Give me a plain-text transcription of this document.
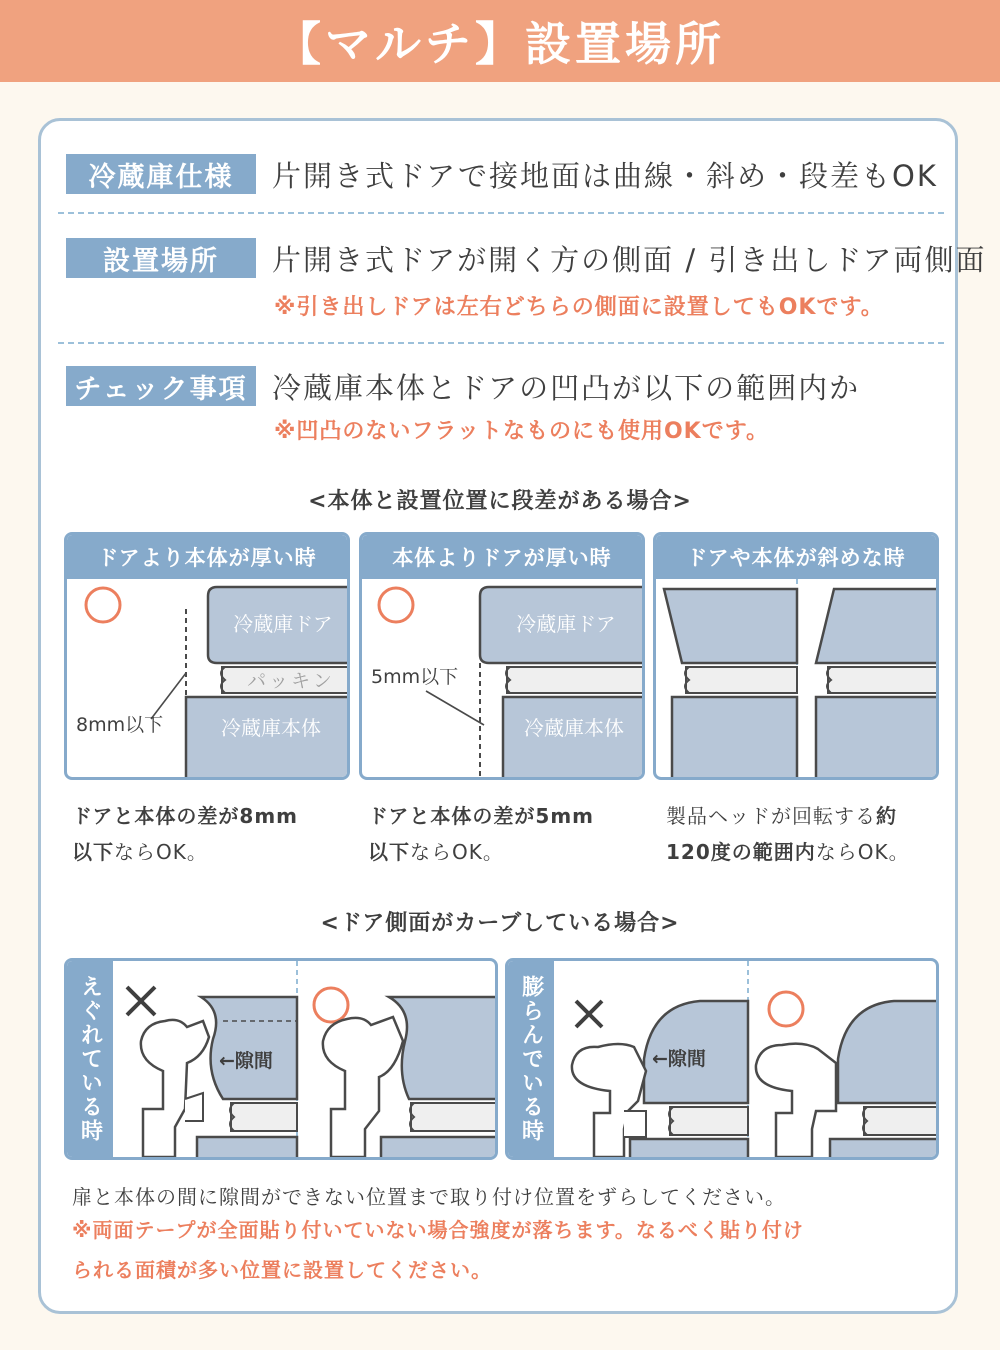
【マルチ】設置場所
冷蔵庫仕様	片開き式ドアで接地面は曲線・斜め・段差もOK
設置場所	片開き式ドアが開く方の側面 / 引き出しドア両側面
※引き出しドアは左右どちらの側面に設置してもOKです。
チェック事項 冷蔵庫本体とドアの凹凸が以下の範囲内か
※凹凸のないフラットなものにも使用OKです。
<本体と設置位置に段差がある場合>
ドアより本体が厚い時
冷蔵庫ドア
パッキン
冷蔵庫本体
8mm以下
本体よりドアが厚い時
冷蔵庫ドア
冷蔵庫本体
5mm以下
ドアや本体が斜めな時
ドアと本体の差が8mm
以下ならOK。
ドアと本体の差が5mm
以下ならOK。
製品ヘッドが回転する約
120度の範囲内ならOK。
<ドア側面がカーブしている場合>
えぐれている時	←隙間	膨らんでいる時	←隙間
扉と本体の間に隙間ができない位置まで取り付け位置をずらしてください。
※両面テープが全面貼り付いていない場合強度が落ちます。なるべく貼り付け
られる面積が多い位置に設置してください。
